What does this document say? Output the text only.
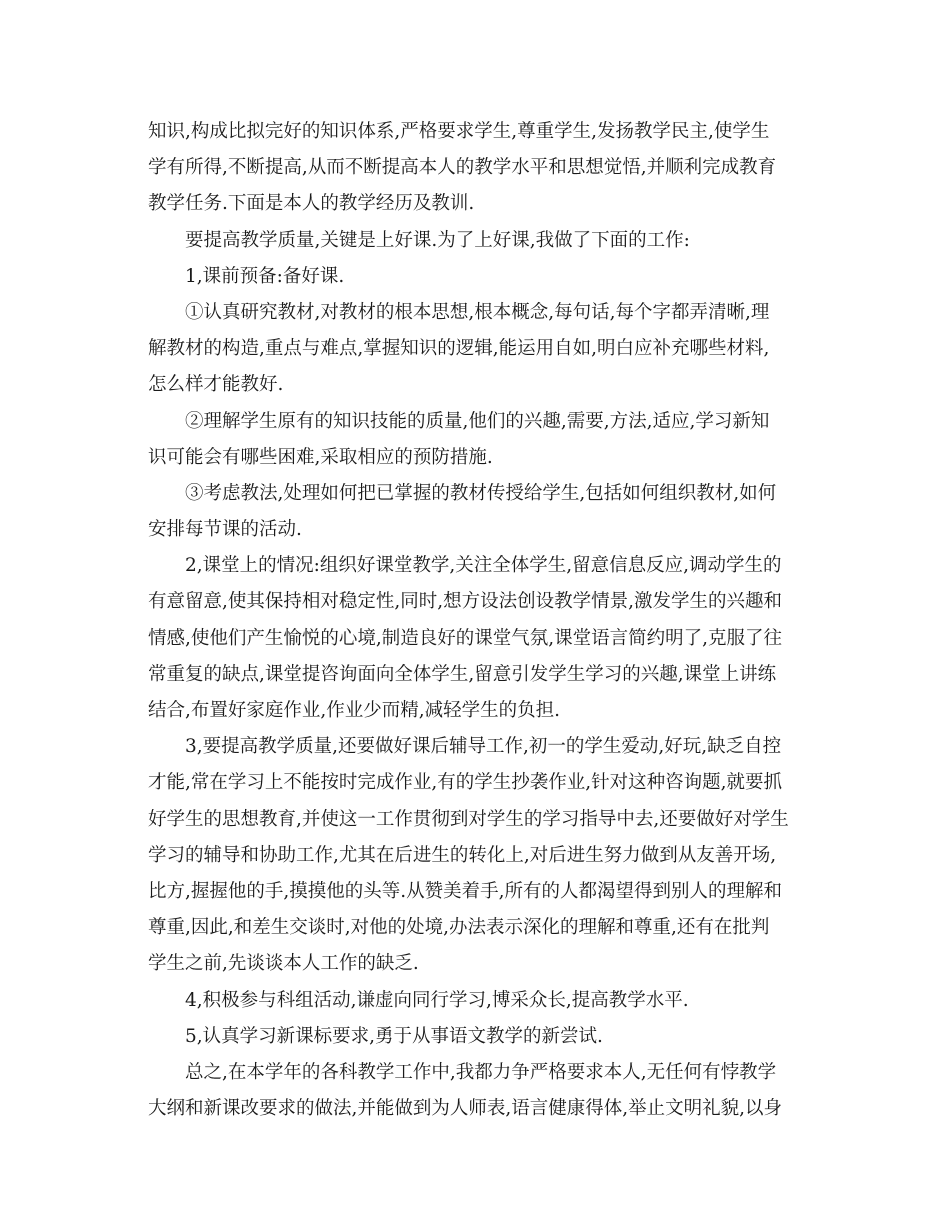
知识,构成比拟完好的知识体系,严格要求学生,尊重学生,发扬教学民主,使学生
学有所得,不断提高,从而不断提高本人的教学水平和思想觉悟,并顺利完成教育
教学任务.下面是本人的教学经历及教训.
要提高教学质量,关键是上好课.为了上好课,我做了下面的工作:
1,课前预备:备好课.
①认真研究教材,对教材的根本思想,根本概念,每句话,每个字都弄清晰,理
解教材的构造,重点与难点,掌握知识的逻辑,能运用自如,明白应补充哪些材料,
怎么样才能教好.
②理解学生原有的知识技能的质量,他们的兴趣,需要,方法,适应,学习新知
识可能会有哪些困难,采取相应的预防措施.
③考虑教法,处理如何把已掌握的教材传授给学生,包括如何组织教材,如何
安排每节课的活动.
2,课堂上的情况:组织好课堂教学,关注全体学生,留意信息反应,调动学生的
有意留意,使其保持相对稳定性,同时,想方设法创设教学情景,激发学生的兴趣和
情感,使他们产生愉悦的心境,制造良好的课堂气氛,课堂语言简约明了,克服了往
常重复的缺点,课堂提咨询面向全体学生,留意引发学生学习的兴趣,课堂上讲练
结合,布置好家庭作业,作业少而精,减轻学生的负担.
3,要提高教学质量,还要做好课后辅导工作,初一的学生爱动,好玩,缺乏自控
才能,常在学习上不能按时完成作业,有的学生抄袭作业,针对这种咨询题,就要抓
好学生的思想教育,并使这一工作贯彻到对学生的学习指导中去,还要做好对学生
学习的辅导和协助工作,尤其在后进生的转化上,对后进生努力做到从友善开场,
比方,握握他的手,摸摸他的头等.从赞美着手,所有的人都渴望得到别人的理解和
尊重,因此,和差生交谈时,对他的处境,办法表示深化的理解和尊重,还有在批判
学生之前,先谈谈本人工作的缺乏.
4,积极参与科组活动,谦虚向同行学习,博采众长,提高教学水平.
5,认真学习新课标要求,勇于从事语文教学的新尝试.
总之,在本学年的各科教学工作中,我都力争严格要求本人,无任何有悖教学
大纲和新课改要求的做法,并能做到为人师表,语言健康得体,举止文明礼貌,以身
